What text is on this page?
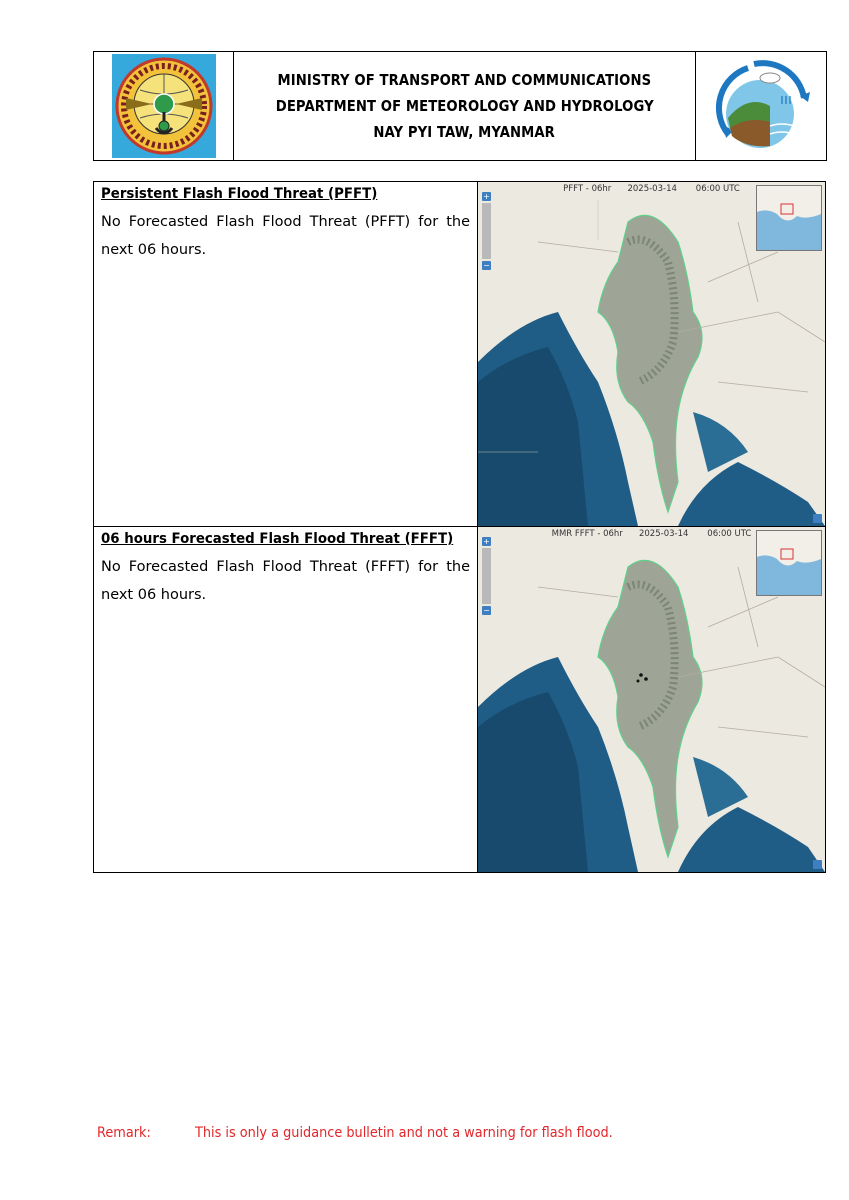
MINISTRY OF TRANSPORT AND COMMUNICATIONS
DEPARTMENT OF METEOROLOGY AND HYDROLOGY
NAY PYI TAW, MYANMAR
Persistent Flash Flood Threat (PFFT)
No Forecasted Flash Flood Threat (PFFT) for the next 06 hours.
PFFT - 06hr      2025-03-14       06:00 UTC
+
−
06 hours Forecasted Flash Flood Threat (FFFT)
No Forecasted Flash Flood Threat (FFFT) for the next 06 hours.
MMR FFFT - 06hr      2025-03-14       06:00 UTC
+
−
Remark:	This is only a guidance bulletin and not a warning for flash flood.
